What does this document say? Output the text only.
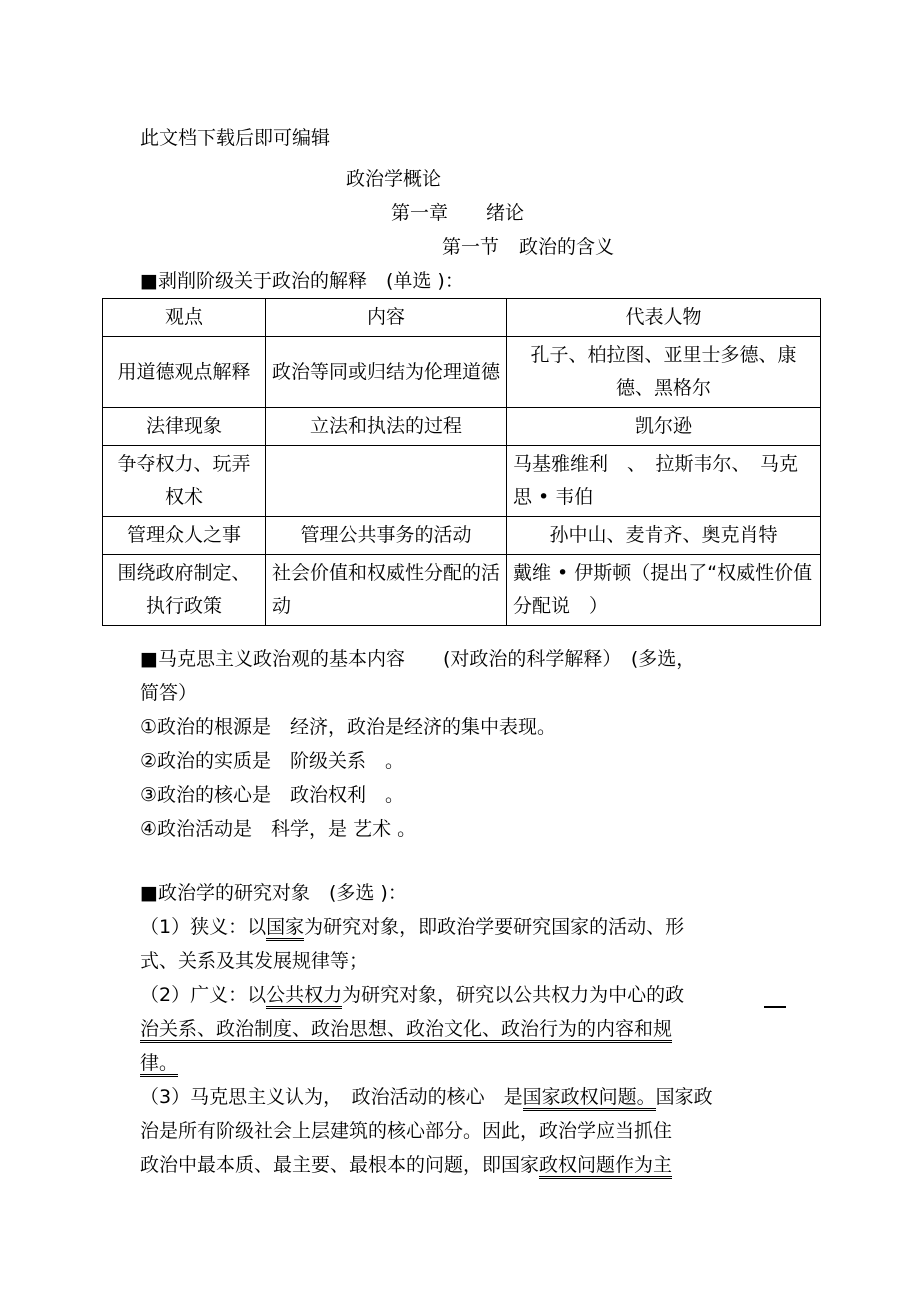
此文档下载后即可编辑
政治学概论
第一章 绪论
第一节 政治的含义
■剥削阶级关于政治的解释　(单选 )：
观点	内容	代表人物
用道德观点解释	政治等同或归结为伦理道德	孔子、柏拉图、亚里士多德、康德、黑格尔
法律现象	立法和执法的过程	凯尔逊
争夺权力、玩弄权术		马基雅维利　、　拉斯韦尔、　马克思 • 韦伯
管理众人之事	管理公共事务的活动	孙中山、麦肯齐、奥克肖特
围绕政府制定、执行政策	社会价值和权威性分配的活动	戴维 • 伊斯顿（提出了“权威性价值分配说　）
■马克思主义政治观的基本内容　　(对政治的科学解释）　(多选，
简答）
①政治的根源是　经济，政治是经济的集中表现。
②政治的实质是　阶级关系　。
③政治的核心是　政治权利　。
④政治活动是　科学，是 艺术 。
■政治学的研究对象　(多选 )：
（1）狭义：以国家为研究对象，即政治学要研究国家的活动、形
式、关系及其发展规律等；
（2）广义：以公共权力为研究对象，研究以公共权力为中心的政
治关系、政治制度、政治思想、政治文化、政治行为的内容和规
律。
（3）马克思主义认为，　政治活动的核心　是国家政权问题。国家政
治是所有阶级社会上层建筑的核心部分。因此，政治学应当抓住
政治中最本质、最主要、最根本的问题，即国家政权问题作为主
